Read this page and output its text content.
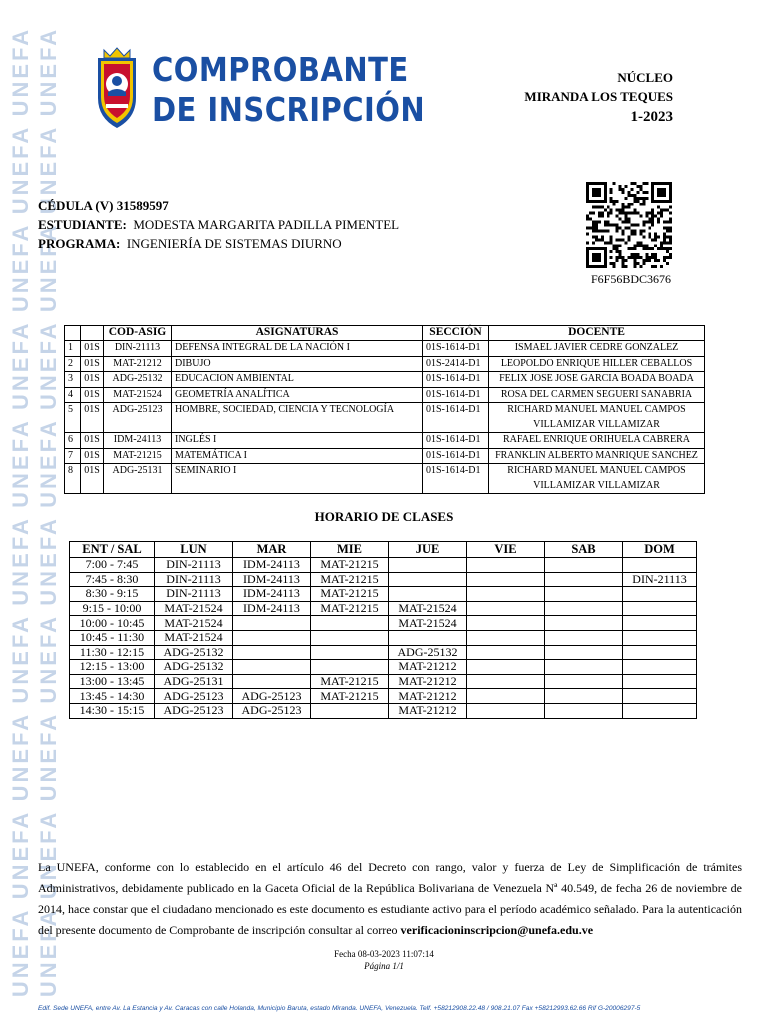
UNEFA UNEFA UNEFA UNEFA UNEFA UNEFA UNEFA UNEFA UNEFA UNEFA UNEFA UNEFA UNEFA UNEFA UNEFA UNEFA UNEFA UNEFA UNEFA UNEFA	COMPROBANTE
DE INSCRIPCIÓN
NÚCLEO
MIRANDA LOS TEQUES
1-2023
CÉDULA (V) 31589597
ESTUDIANTE: MODESTA MARGARITA PADILLA PIMENTEL
PROGRAMA: INGENIERÍA DE SISTEMAS DIURNO
F6F56BDC3676
		COD-ASIG	ASIGNATURAS	SECCIÓN	DOCENTE

1	01S	DIN-21113	DEFENSA INTEGRAL DE LA NACIÓN I	01S-1614-D1	ISMAEL JAVIER CEDRE GONZALEZ

2	01S	MAT-21212	DIBUJO	01S-2414-D1	LEOPOLDO ENRIQUE HILLER CEBALLOS

3	01S	ADG-25132	EDUCACION AMBIENTAL	01S-1614-D1	FELIX JOSE JOSE GARCIA BOADA BOADA

4	01S	MAT-21524	GEOMETRÍA ANALÍTICA	01S-1614-D1	ROSA DEL CARMEN SEGUERI SANABRIA

5	01S	ADG-25123	HOMBRE, SOCIEDAD, CIENCIA Y TECNOLOGÍA	01S-1614-D1	RICHARD MANUEL MANUEL CAMPOS
VILLAMIZAR VILLAMIZAR

6	01S	IDM-24113	INGLÉS I	01S-1614-D1	RAFAEL ENRIQUE ORIHUELA CABRERA

7	01S	MAT-21215	MATEMÁTICA I	01S-1614-D1	FRANKLIN ALBERTO MANRIQUE SANCHEZ

8	01S	ADG-25131	SEMINARIO I	01S-1614-D1	RICHARD MANUEL MANUEL CAMPOS
VILLAMIZAR VILLAMIZAR
HORARIO DE CLASES
ENT / SAL	LUN	MAR	MIE	JUE	VIE	SAB	DOM
7:00 - 7:45	DIN-21113	IDM-24113	MAT-21215				
7:45 - 8:30	DIN-21113	IDM-24113	MAT-21215				DIN-21113
8:30 - 9:15	DIN-21113	IDM-24113	MAT-21215				
9:15 - 10:00	MAT-21524	IDM-24113	MAT-21215	MAT-21524			
10:00 - 10:45	MAT-21524			MAT-21524			
10:45 - 11:30	MAT-21524						
11:30 - 12:15	ADG-25132			ADG-25132			
12:15 - 13:00	ADG-25132			MAT-21212			
13:00 - 13:45	ADG-25131		MAT-21215	MAT-21212			
13:45 - 14:30	ADG-25123	ADG-25123	MAT-21215	MAT-21212			
14:30 - 15:15	ADG-25123	ADG-25123		MAT-21212			
La UNEFA, conforme con lo establecido en el artículo 46 del Decreto con rango, valor y fuerza de Ley de Simplificación de trámites Administrativos, debidamente publicado en la Gaceta Oficial de la República Bolivariana de Venezuela Nª 40.549, de fecha 26 de noviembre de 2014, hace constar que el ciudadano mencionado es este documento es estudiante activo para el período académico señalado. Para la autenticación del presente documento de Comprobante de inscripción consultar al correo verificacioninscripcion@unefa.edu.ve
Fecha 08-03-2023 11:07:14
Página 1/1
Edif. Sede UNEFA, entre Av. La Estancia y Av. Caracas con calle Holanda, Municipio Baruta, estado Miranda. UNEFA, Venezuela. Telf. +58212908.22.48 / 908.21.07 Fax +58212993.62.66 Rif G-20006297-5
